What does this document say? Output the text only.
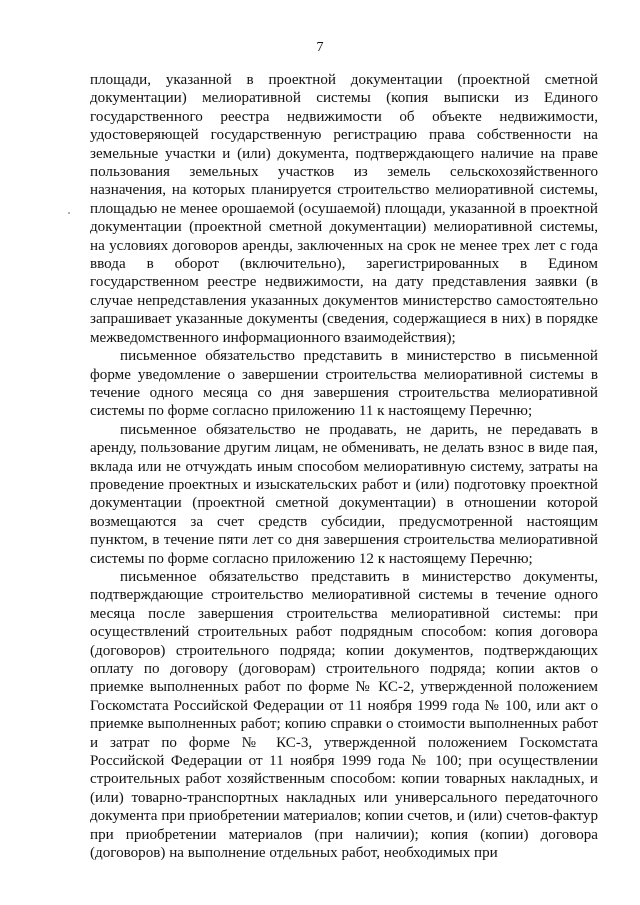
7

площади, указанной в проектной документации (проектной сметной документации) мелиоративной системы (копия выписки из Единого государственного реестра недвижимости об объекте недвижимости, удостоверяющей государственную регистрацию права собственности на земельные участки и (или) документа, подтверждающего наличие на праве пользования земельных участков из земель сельскохозяйственного назначения, на которых планируется строительство мелиоративной системы, площадью не менее орошаемой (осушаемой) площади, указанной в проектной документации (проектной сметной документации) мелиоративной системы, на условиях договоров аренды, заключенных на срок не менее трех лет с года ввода в оборот (включительно), зарегистрированных в Едином государственном реестре недвижимости, на дату представления заявки (в случае непредставления указанных документов министерство самостоятельно запрашивает указанные документы (сведения, содержащиеся в них) в порядке межведомственного информационного взаимодействия);

письменное обязательство представить в министерство в письменной форме уведомление о завершении строительства мелиоративной системы в течение одного месяца со дня завершения строительства мелиоративной системы по форме согласно приложению 11 к настоящему Перечню;

письменное обязательство не продавать, не дарить, не передавать в аренду, пользование другим лицам, не обменивать, не делать взнос в виде пая, вклада или не отчуждать иным способом мелиоративную систему, затраты на проведение проектных и изыскательских работ и (или) подготовку проектной документации (проектной сметной документации) в отношении которой возмещаются за счет средств субсидии, предусмотренной настоящим пунктом, в течение пяти лет со дня завершения строительства мелиоративной системы по форме согласно приложению 12 к настоящему Перечню;

письменное обязательство представить в министерство документы, подтверждающие строительство мелиоративной системы в течение одного месяца после завершения строительства мелиоративной системы: при осуществлений строительных работ подрядным способом: копия договора (договоров) строительного подряда; копии документов, подтверждающих оплату по договору (договорам) строительного подряда; копии актов о приемке выполненных работ по форме № КС-2, утвержденной положением Госкомстата Российской Федерации от 11 ноября 1999 года № 100, или акт о приемке выполненных работ; копию справки о стоимости выполненных работ и затрат по форме № КС-3, утвержденной положением Госкомстата Российской Федерации от 11 ноября 1999 года № 100; при осуществлении строительных работ хозяйственным способом: копии товарных накладных, и (или) товарно-транспортных накладных или универсального передаточного документа при приобретении материалов; копии счетов, и (или) счетов-фактур при приобретении материалов (при наличии); копия (копии) договора (договоров) на выполнение отдельных работ, необходимых при
